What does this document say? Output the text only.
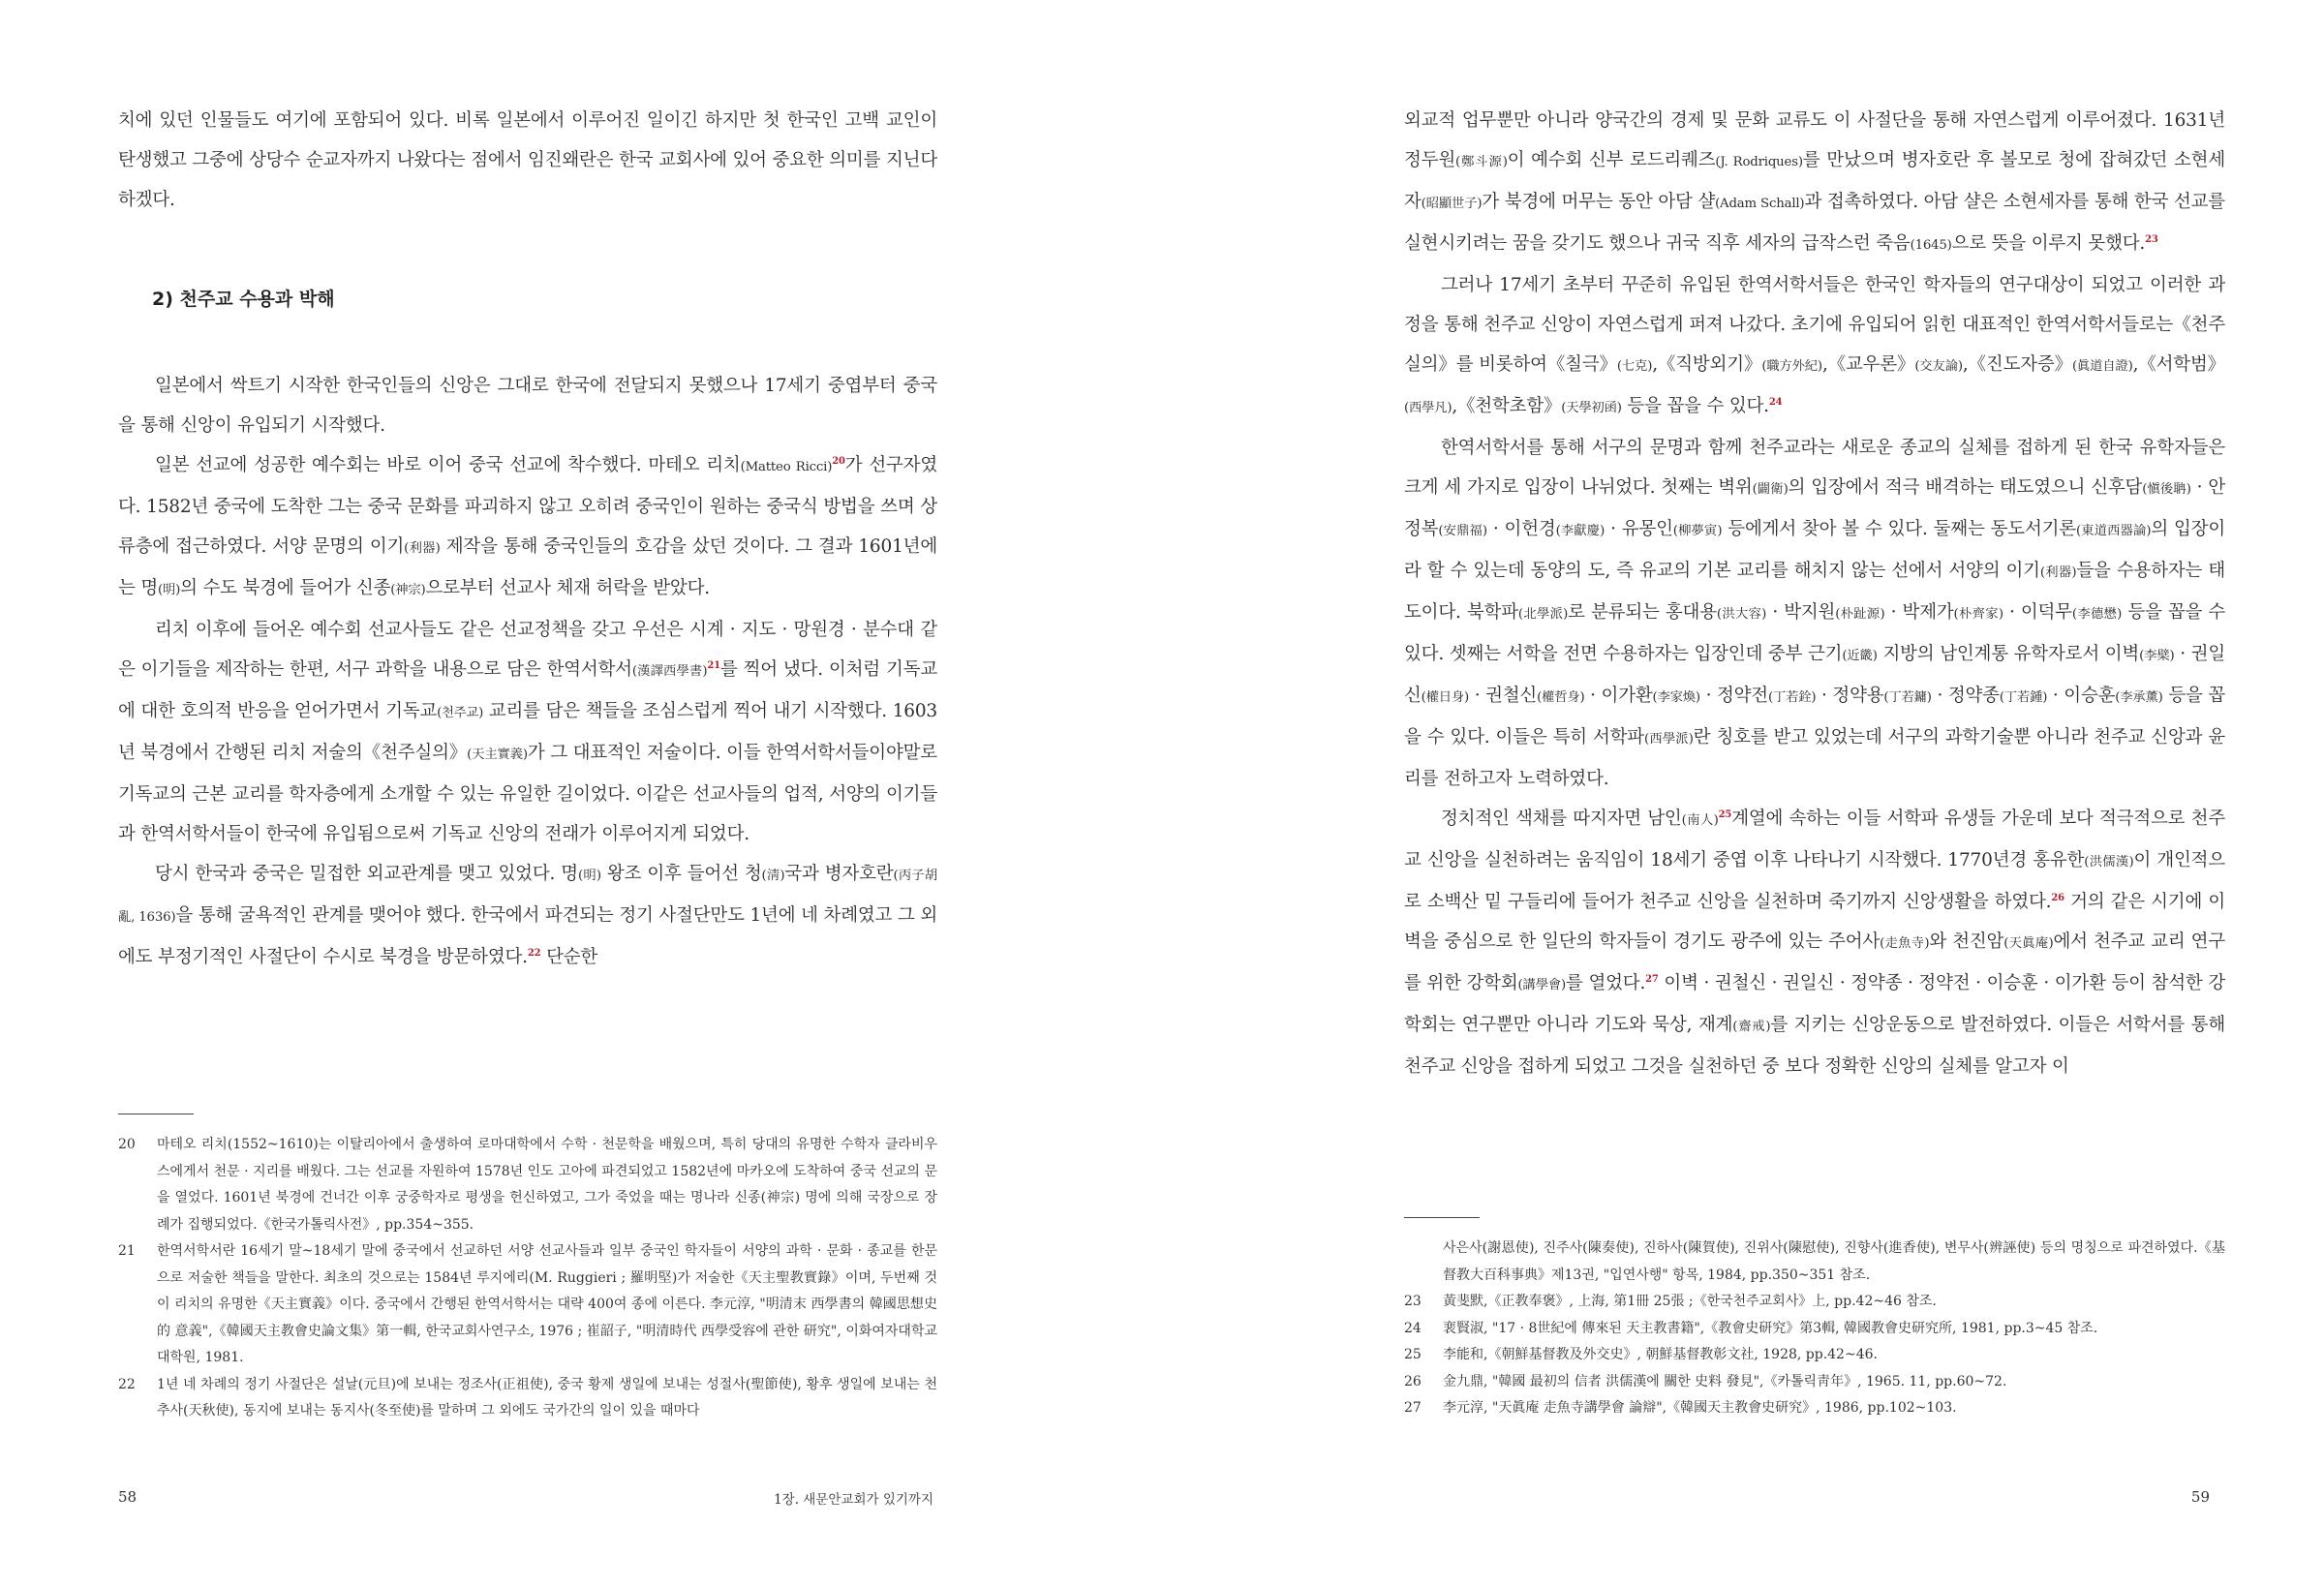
치에 있던 인물들도 여기에 포함되어 있다. 비록 일본에서 이루어진 일이긴 하지만 첫 한국인 고백 교인이 탄생했고 그중에 상당수 순교자까지 나왔다는 점에서 임진왜란은 한국 교회사에 있어 중요한 의미를 지닌다 하겠다.

2) 천주교 수용과 박해

일본에서 싹트기 시작한 한국인들의 신앙은 그대로 한국에 전달되지 못했으나 17세기 중엽부터 중국을 통해 신앙이 유입되기 시작했다.

일본 선교에 성공한 예수회는 바로 이어 중국 선교에 착수했다. 마테오 리치(Matteo Ricci)$^{20}$가 선구자였다. 1582년 중국에 도착한 그는 중국 문화를 파괴하지 않고 오히려 중국인이 원하는 중국식 방법을 쓰며 상류층에 접근하였다. 서양 문명의 이기(利器) 제작을 통해 중국인들의 호감을 샀던 것이다. 그 결과 1601년에는 명(明)의 수도 북경에 들어가 신종(神宗)으로부터 선교사 체재 허락을 받았다.

리치 이후에 들어온 예수회 선교사들도 같은 선교정책을 갖고 우선은 시계 · 지도 · 망원경 · 분수대 같은 이기들을 제작하는 한편, 서구 과학을 내용으로 담은 한역서학서(漢譯西學書)$^{21}$를 찍어 냈다. 이처럼 기독교에 대한 호의적 반응을 얻어가면서 기독교(천주교) 교리를 담은 책들을 조심스럽게 찍어 내기 시작했다. 1603년 북경에서 간행된 리치 저술의《천주실의》(天主實義)가 그 대표적인 저술이다. 이들 한역서학서들이야말로 기독교의 근본 교리를 학자층에게 소개할 수 있는 유일한 길이었다. 이같은 선교사들의 업적, 서양의 이기들과 한역서학서들이 한국에 유입됨으로써 기독교 신앙의 전래가 이루어지게 되었다.

당시 한국과 중국은 밀접한 외교관계를 맺고 있었다. 명(明) 왕조 이후 들어선 청(淸)국과 병자호란(丙子胡亂, 1636)을 통해 굴욕적인 관계를 맺어야 했다. 한국에서 파견되는 정기 사절단만도 1년에 네 차례였고 그 외에도 부정기적인 사절단이 수시로 북경을 방문하였다.$^{22}$ 단순한

20 마테오 리치(1552~1610)는 이탈리아에서 출생하여 로마대학에서 수학 · 천문학을 배웠으며, 특히 당대의 유명한 수학자 클라비우스에게서 천문 · 지리를 배웠다. 그는 선교를 자원하여 1578년 인도 고아에 파견되었고 1582년에 마카오에 도착하여 중국 선교의 문을 열었다. 1601년 북경에 건너간 이후 궁중학자로 평생을 헌신하였고, 그가 죽었을 때는 명나라 신종(神宗) 명에 의해 국장으로 장례가 집행되었다.《한국가톨릭사전》, pp.354~355.

21 한역서학서란 16세기 말~18세기 말에 중국에서 선교하던 서양 선교사들과 일부 중국인 학자들이 서양의 과학 · 문화 · 종교를 한문으로 저술한 책들을 말한다. 최초의 것으로는 1584년 루지에리(M. Ruggieri ; 羅明堅)가 저술한《天主聖教實錄》이며, 두번째 것이 리치의 유명한《天主實義》이다. 중국에서 간행된 한역서학서는 대략 400여 종에 이른다. 李元淳, "明清末 西學書의 韓國思想史的 意義",《韓國天主教會史論文集》第一輯, 한국교회사연구소, 1976 ; 崔韶子, "明清時代 西學受容에 관한 研究", 이화여자대학교 대학원, 1981.

22 1년 네 차례의 정기 사절단은 설날(元旦)에 보내는 정조사(正祖使), 중국 황제 생일에 보내는 성절사(聖節使), 황후 생일에 보내는 천추사(天秋使), 동지에 보내는 동지사(冬至使)를 말하며 그 외에도 국가간의 일이 있을 때마다

58	1장. 새문안교회가 있기까지

외교적 업무뿐만 아니라 양국간의 경제 및 문화 교류도 이 사절단을 통해 자연스럽게 이루어졌다. 1631년 정두원(鄭斗源)이 예수회 신부 로드리퀘즈(J. Rodriques)를 만났으며 병자호란 후 볼모로 청에 잡혀갔던 소현세자(昭顯世子)가 북경에 머무는 동안 아담 샬(Adam Schall)과 접촉하였다. 아담 샬은 소현세자를 통해 한국 선교를 실현시키려는 꿈을 갖기도 했으나 귀국 직후 세자의 급작스런 죽음(1645)으로 뜻을 이루지 못했다.$^{23}$

그러나 17세기 초부터 꾸준히 유입된 한역서학서들은 한국인 학자들의 연구대상이 되었고 이러한 과정을 통해 천주교 신앙이 자연스럽게 퍼져 나갔다. 초기에 유입되어 읽힌 대표적인 한역서학서들로는《천주실의》를 비롯하여《칠극》(七克),《직방외기》(職方外紀),《교우론》(交友論),《진도자증》(眞道自證),《서학범》(西學凡),《천학초함》(天學初函) 등을 꼽을 수 있다.$^{24}$

한역서학서를 통해 서구의 문명과 함께 천주교라는 새로운 종교의 실체를 접하게 된 한국 유학자들은 크게 세 가지로 입장이 나뉘었다. 첫째는 벽위(闢衛)의 입장에서 적극 배격하는 태도였으니 신후담(愼後聃) · 안정복(安鼎福) · 이헌경(李獻慶) · 유몽인(柳夢寅) 등에게서 찾아 볼 수 있다. 둘째는 동도서기론(東道西器論)의 입장이라 할 수 있는데 동양의 도, 즉 유교의 기본 교리를 해치지 않는 선에서 서양의 이기(利器)들을 수용하자는 태도이다. 북학파(北學派)로 분류되는 홍대용(洪大容) · 박지원(朴趾源) · 박제가(朴齊家) · 이덕무(李德懋) 등을 꼽을 수 있다. 셋째는 서학을 전면 수용하자는 입장인데 중부 근기(近畿) 지방의 남인계통 유학자로서 이벽(李檗) · 권일신(權日身) · 권철신(權哲身) · 이가환(李家煥) · 정약전(丁若銓) · 정약용(丁若鏞) · 정약종(丁若鍾) · 이승훈(李承薰) 등을 꼽을 수 있다. 이들은 특히 서학파(西學派)란 칭호를 받고 있었는데 서구의 과학기술뿐 아니라 천주교 신앙과 윤리를 전하고자 노력하였다.

정치적인 색채를 따지자면 남인(南人)$^{25}$계열에 속하는 이들 서학파 유생들 가운데 보다 적극적으로 천주교 신앙을 실천하려는 움직임이 18세기 중엽 이후 나타나기 시작했다. 1770년경 홍유한(洪儒漢)이 개인적으로 소백산 밑 구들리에 들어가 천주교 신앙을 실천하며 죽기까지 신앙생활을 하였다.$^{26}$ 거의 같은 시기에 이벽을 중심으로 한 일단의 학자들이 경기도 광주에 있는 주어사(走魚寺)와 천진암(天眞庵)에서 천주교 교리 연구를 위한 강학회(講學會)를 열었다.$^{27}$ 이벽 · 권철신 · 권일신 · 정약종 · 정약전 · 이승훈 · 이가환 등이 참석한 강학회는 연구뿐만 아니라 기도와 묵상, 재계(齋戒)를 지키는 신앙운동으로 발전하였다. 이들은 서학서를 통해 천주교 신앙을 접하게 되었고 그것을 실천하던 중 보다 정확한 신앙의 실체를 알고자 이

사은사(謝恩使), 진주사(陳奏使), 진하사(陳賀使), 진위사(陳慰使), 진향사(進香使), 변무사(辨誣使) 등의 명칭으로 파견하였다.《基督教大百科事典》제13권, "입연사행" 항목, 1984, pp.350~351 참조.

23 黃斐默,《正教奉褒》, 上海, 第1冊 25張 ;《한국천주교회사》上, pp.42~46 참조.

24 裵賢淑, "17 · 8世紀에 傳來된 天主教書籍",《教會史研究》第3輯, 韓國教會史研究所, 1981, pp.3~45 참조.

25 李能和,《朝鮮基督教及外交史》, 朝鮮基督教彰文社, 1928, pp.42~46.

26 金九鼎, "韓國 最初의 信者 洪儒漢에 關한 史料 發見",《카톨릭靑年》, 1965. 11, pp.60~72.

27 李元淳, "天眞庵 走魚寺講學會 論辯",《韓國天主教會史研究》, 1986, pp.102~103.

59
